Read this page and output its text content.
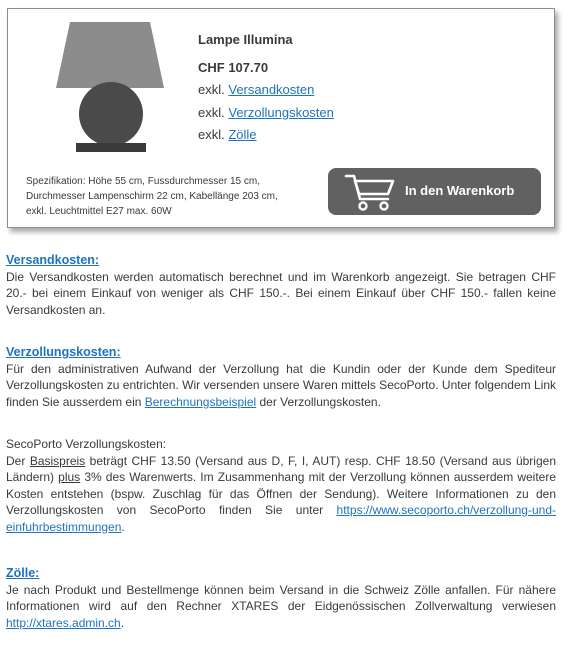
Lampe Illumina
CHF 107.70
exkl. Versandkosten
exkl. Verzollungskosten
exkl. Zölle
Spezifikation: Höhe 55 cm, Fussdurchmesser 15 cm,
Durchmesser Lampenschirm 22 cm, Kabellänge 203 cm,
exkl. Leuchtmittel E27 max. 60W
In den Warenkorb
Versandkosten:

Die Versandkosten werden automatisch berechnet und im Warenkorb angezeigt. Sie betragen CHF 20.- bei einem Einkauf von weniger als CHF 150.-. Bei einem Einkauf über CHF 150.- fallen keine Versandkosten an.

Verzollungskosten:

Für den administrativen Aufwand der Verzollung hat die Kundin oder der Kunde dem Spediteur Verzollungskosten zu entrichten. Wir versenden unsere Waren mittels SecoPorto. Unter folgendem Link finden Sie ausserdem ein Berechnungsbeispiel der Verzollungskosten.

SecoPorto Verzollungskosten:

Der Basispreis beträgt CHF 13.50 (Versand aus D, F, I, AUT) resp. CHF 18.50 (Versand aus übrigen Ländern) plus 3% des Warenwerts. Im Zusammenhang mit der Verzollung können ausserdem weitere Kosten entstehen (bspw. Zuschlag für das Öffnen der Sendung). Weitere Informationen zu den Verzollungskosten von SecoPorto finden Sie unter https://www.secoporto.ch/verzollung-und-einfuhrbestimmungen.

Zölle:

Je nach Produkt und Bestellmenge können beim Versand in die Schweiz Zölle anfallen. Für nähere Informationen wird auf den Rechner XTARES der Eidgenössischen Zollverwaltung verwiesen http://xtares.admin.ch.
